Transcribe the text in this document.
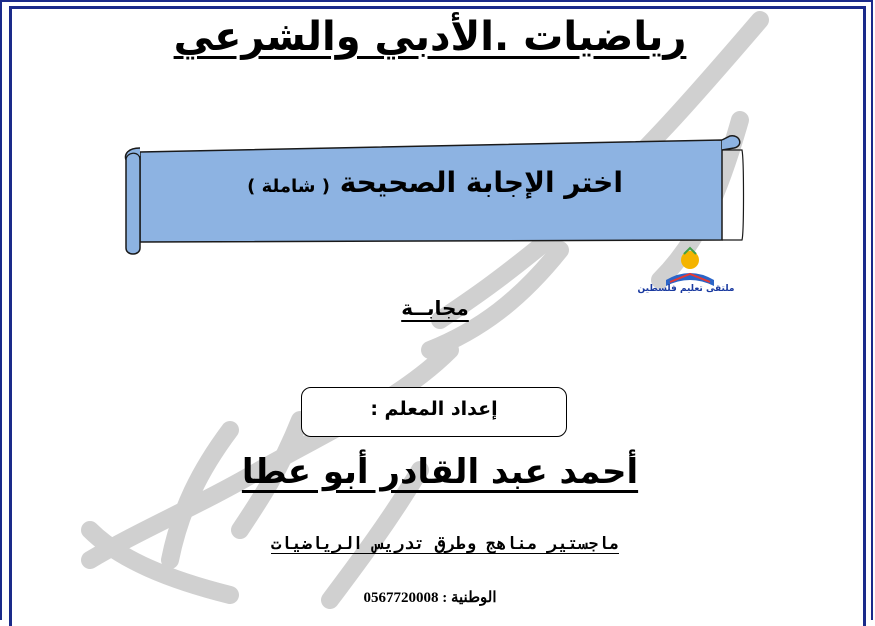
رياضيات .الأدبي والشرعي
اختر الإجابة الصحيحة ( شاملة )
ملتقى تعليم فلسطين
مجابــة
إعداد المعلم :
أحمد عبد القادر أبو عطا
ماجستير مناهج وطرق تدريس الرياضيات
الوطنية : 0567720008
